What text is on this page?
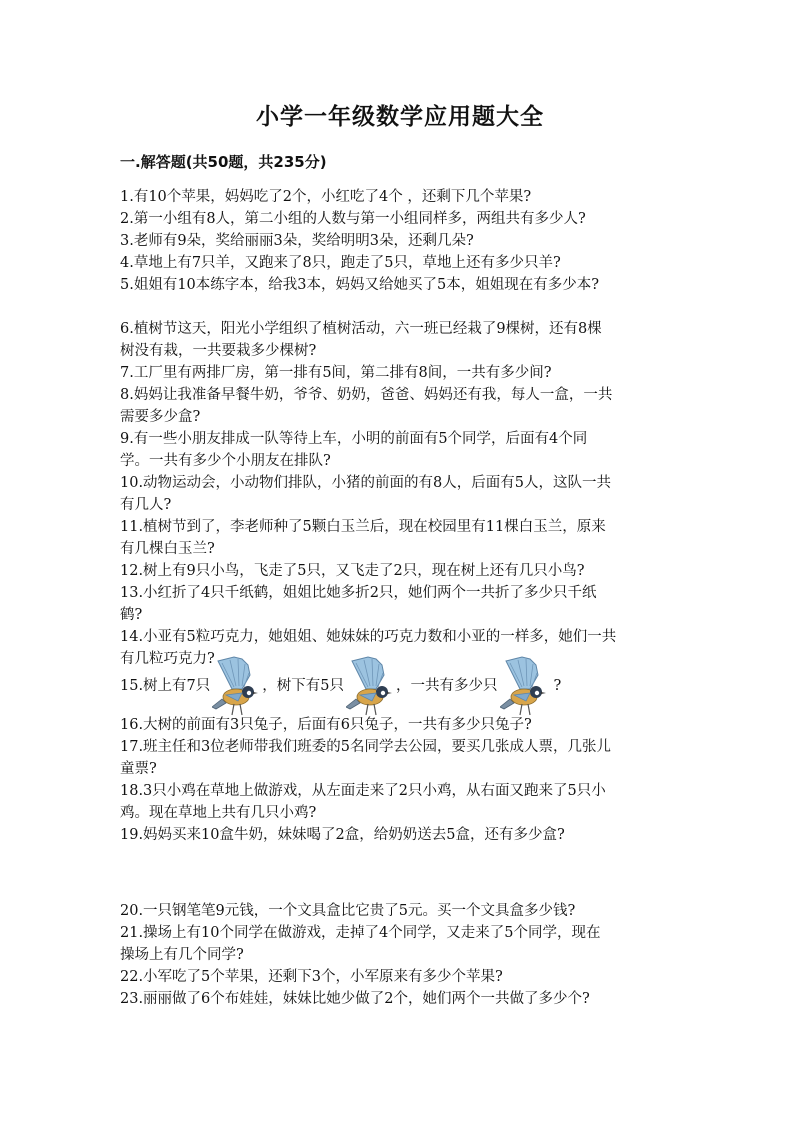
小学一年级数学应用题大全
一.解答题(共50题，共235分)
1.有10个苹果，妈妈吃了2个，小红吃了4个 ，还剩下几个苹果?
2.第一小组有8人，第二小组的人数与第一小组同样多，两组共有多少人?
3.老师有9朵，奖给丽丽3朵，奖给明明3朵，还剩几朵?
4.草地上有7只羊，又跑来了8只，跑走了5只，草地上还有多少只羊?
5.姐姐有10本练字本，给我3本，妈妈又给她买了5本，姐姐现在有多少本?
6.植树节这天，阳光小学组织了植树活动，六一班已经栽了9棵树，还有8棵
树没有栽，一共要栽多少棵树?
7.工厂里有两排厂房，第一排有5间，第二排有8间，一共有多少间?
8.妈妈让我准备早餐牛奶，爷爷、奶奶，爸爸、妈妈还有我，每人一盒，一共
需要多少盒?
9.有一些小朋友排成一队等待上车，小明的前面有5个同学，后面有4个同
学。一共有多少个小朋友在排队?
10.动物运动会，小动物们排队，小猪的前面的有8人，后面有5人，这队一共
有几人?
11.植树节到了，李老师种了5颗白玉兰后，现在校园里有11棵白玉兰，原来
有几棵白玉兰?
12.树上有9只小鸟，飞走了5只，又飞走了2只，现在树上还有几只小鸟?
13.小红折了4只千纸鹤，姐姐比她多折2只，她们两个一共折了多少只千纸
鹤?
14.小亚有5粒巧克力，她姐姐、她妹妹的巧克力数和小亚的一样多，她们一共
有几粒巧克力?
15.树上有7只	，树下有5只	，一共有多少只	?
16.大树的前面有3只兔子，后面有6只兔子，一共有多少只兔子?
17.班主任和3位老师带我们班委的5名同学去公园，要买几张成人票，几张儿
童票?
18.3只小鸡在草地上做游戏，从左面走来了2只小鸡，从右面又跑来了5只小
鸡。现在草地上共有几只小鸡?
19.妈妈买来10盒牛奶，妹妹喝了2盒，给奶奶送去5盒，还有多少盒?
20.一只钢笔笔9元钱，一个文具盒比它贵了5元。买一个文具盒多少钱?
21.操场上有10个同学在做游戏，走掉了4个同学，又走来了5个同学，现在
操场上有几个同学?
22.小军吃了5个苹果，还剩下3个，小军原来有多少个苹果?
23.丽丽做了6个布娃娃，妹妹比她少做了2个，她们两个一共做了多少个?
